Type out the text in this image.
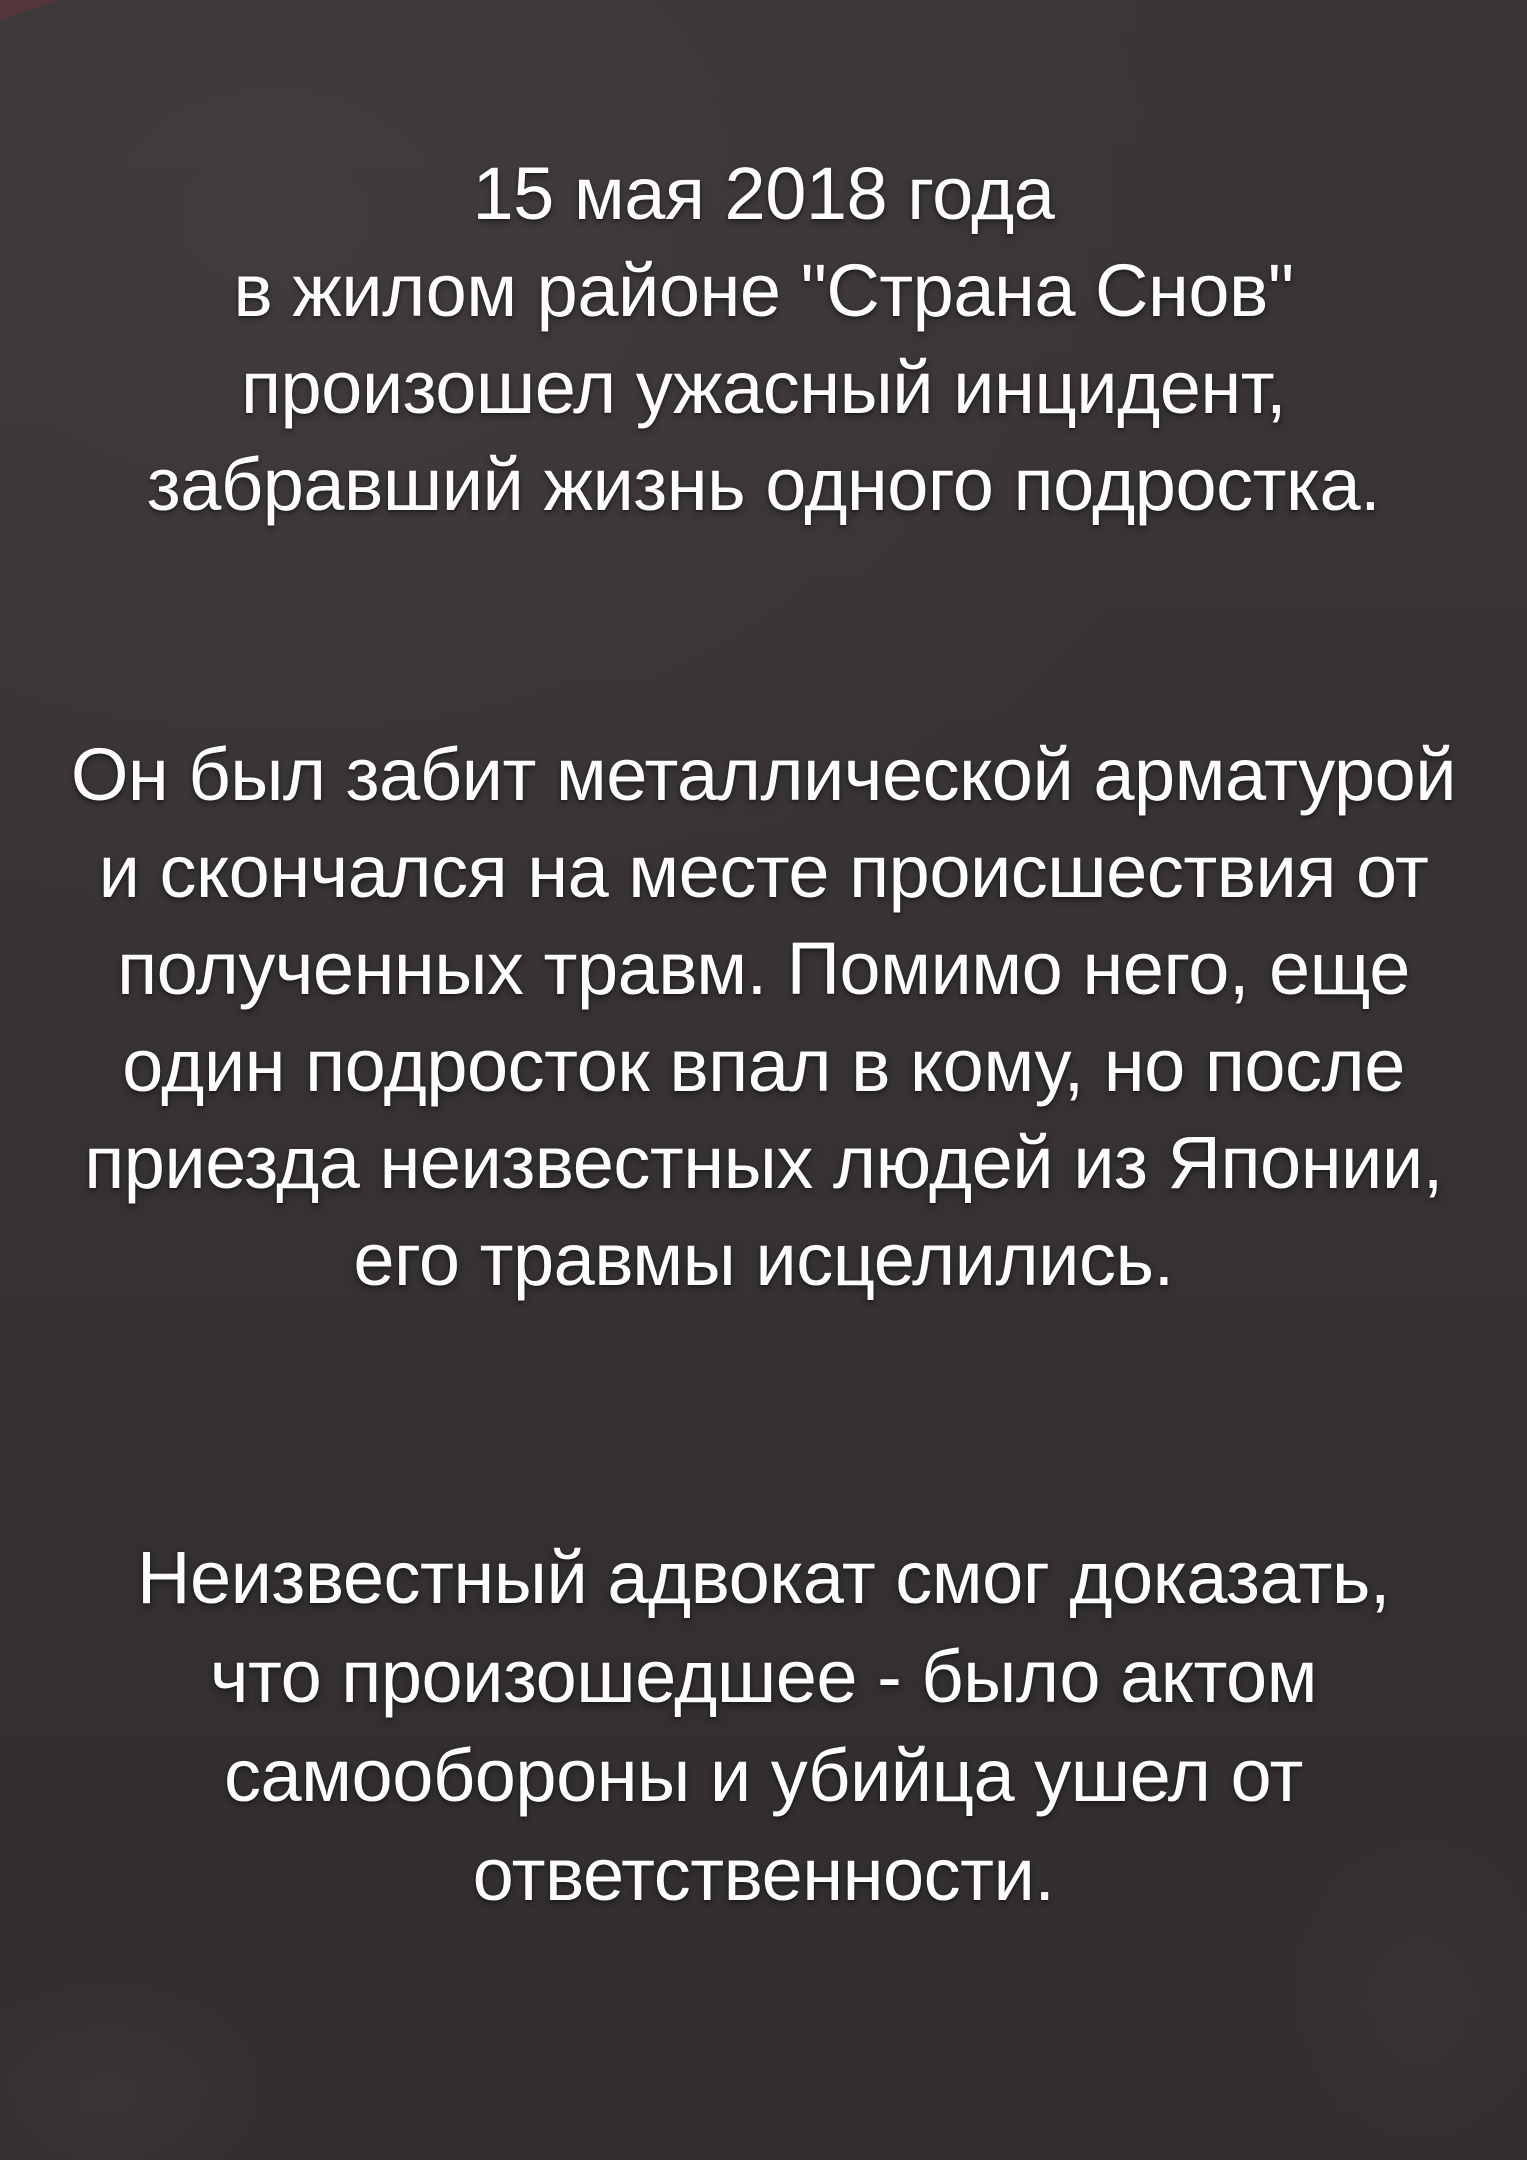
15 мая 2018 года
в жилом районе "Страна Снов"
произошел ужасный инцидент,
забравший жизнь одного подростка.
Он был забит металлической арматурой
и скончался на месте происшествия от
полученных травм. Помимо него, еще
один подросток впал в кому, но после
приезда неизвестных людей из Японии,
его травмы исцелились.
Неизвестный адвокат смог доказать,
что произошедшее - было актом
самообороны и убийца ушел от
ответственности.
